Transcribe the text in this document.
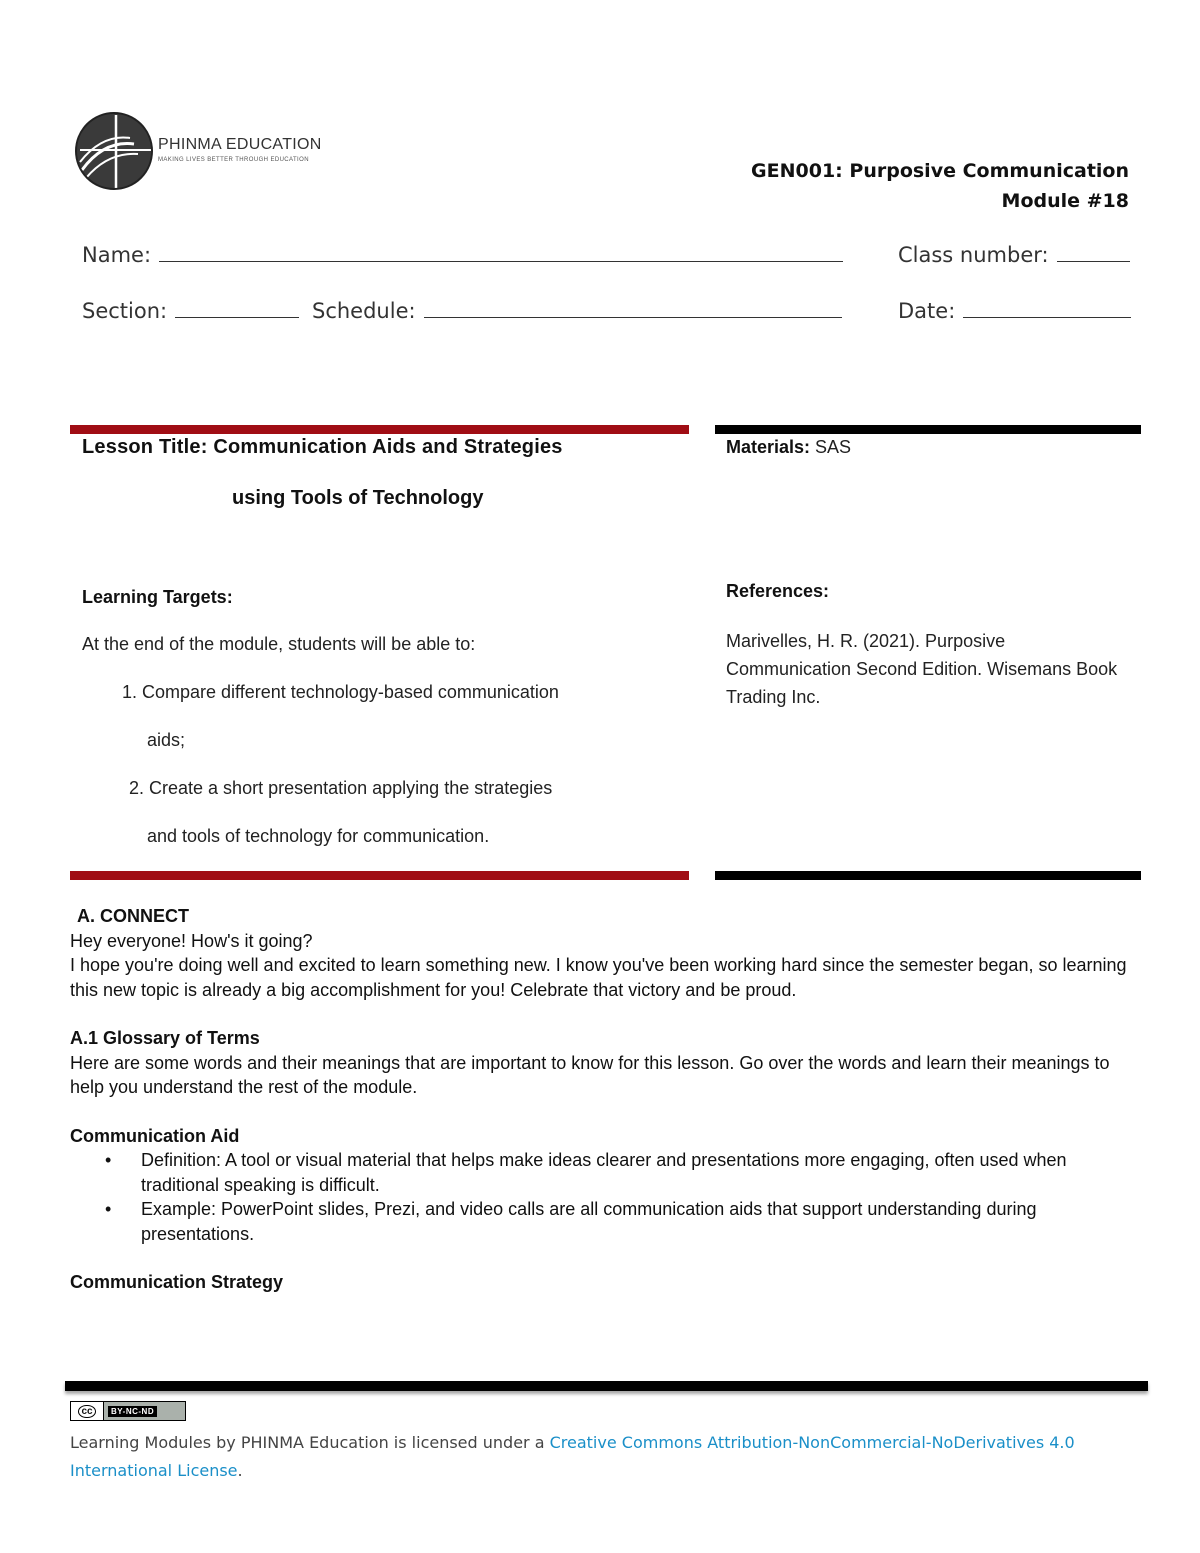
PHINMA EDUCATION
MAKING LIVES BETTER THROUGH EDUCATION	GEN001: Purposive Communication
Module #18
Name:	Class number:
Section:	Schedule:	Date:
Lesson Title: Communication Aids and Strategies
using Tools of Technology
Learning Targets:
At the end of the module, students will be able to:
1. Compare different technology-based communication
aids;
2. Create a short presentation applying the strategies
and tools of technology for communication.
Materials: SAS
References:
Marivelles, H. R. (2021). Purposive Communication Second Edition. Wisemans Book Trading Inc.
A. CONNECT

Hey everyone! How's it going?

I hope you're doing well and excited to learn something new. I know you've been working hard since the semester began, so learning this new topic is already a big accomplishment for you! Celebrate that victory and be proud.

A.1 Glossary of Terms

Here are some words and their meanings that are important to know for this lesson. Go over the words and learn their meanings to help you understand the rest of the module.

Communication Aid
• Definition: A tool or visual material that helps make ideas clearer and presentations more engaging, often used when traditional speaking is difficult.
• Example: PowerPoint slides, Prezi, and video calls are all communication aids that support understanding during presentations.
Communication Strategy
cc	BY-NC-ND
Learning Modules by PHINMA Education is licensed under a Creative Commons Attribution-NonCommercial-NoDerivatives 4.0 International License.
